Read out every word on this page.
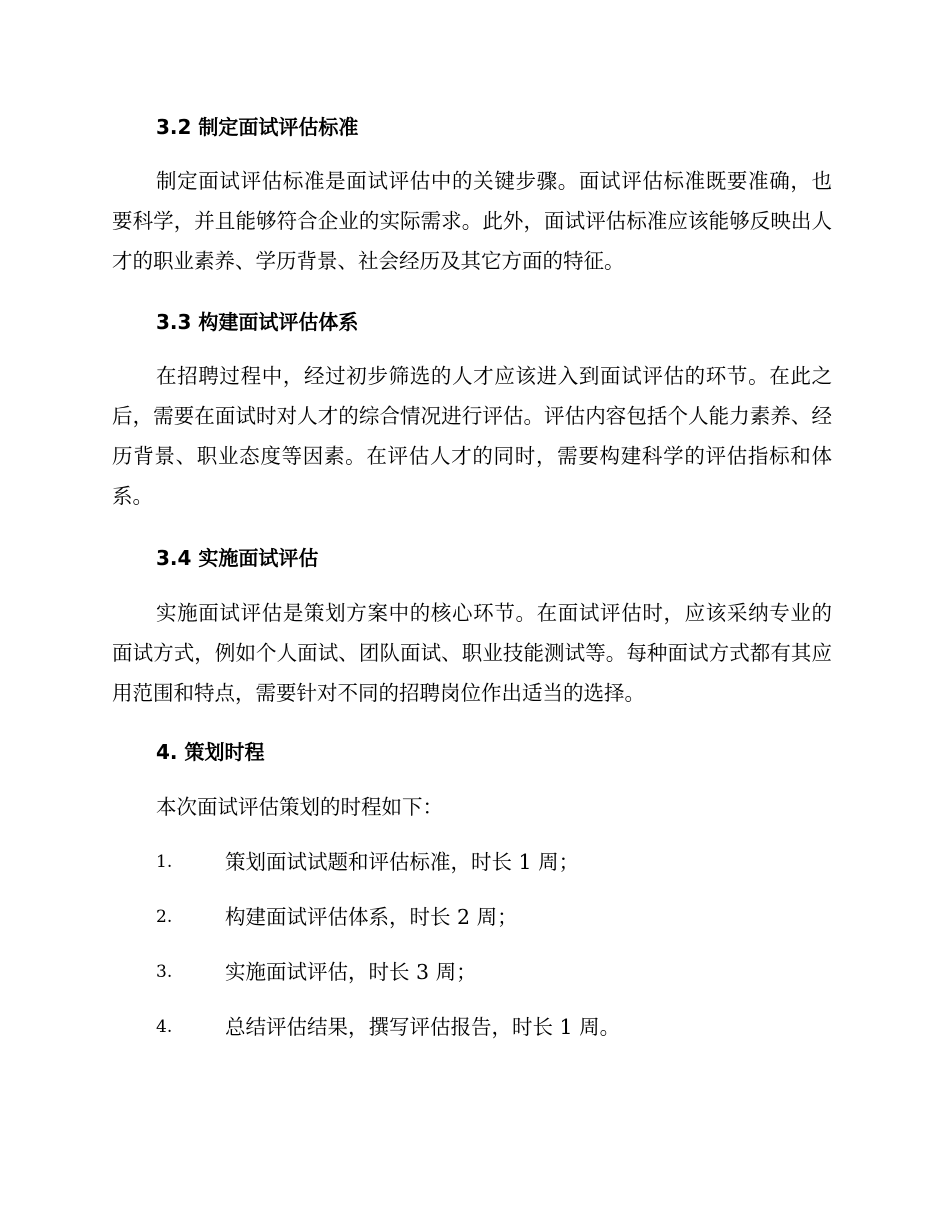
3.2 制定面试评估标准
制定面试评估标准是面试评估中的关键步骤。面试评估标准既要准确，也要科学，并且能够符合企业的实际需求。此外，面试评估标准应该能够反映出人才的职业素养、学历背景、社会经历及其它方面的特征。
3.3 构建面试评估体系
在招聘过程中，经过初步筛选的人才应该进入到面试评估的环节。在此之后，需要在面试时对人才的综合情况进行评估。评估内容包括个人能力素养、经历背景、职业态度等因素。在评估人才的同时，需要构建科学的评估指标和体系。
3.4 实施面试评估
实施面试评估是策划方案中的核心环节。在面试评估时，应该采纳专业的面试方式，例如个人面试、团队面试、职业技能测试等。每种面试方式都有其应用范围和特点，需要针对不同的招聘岗位作出适当的选择。
4. 策划时程
本次面试评估策划的时程如下：
1.	策划面试试题和评估标准，时长 1 周；
2.	构建面试评估体系，时长 2 周；
3.	实施面试评估，时长 3 周；
4.	总结评估结果，撰写评估报告，时长 1 周。
